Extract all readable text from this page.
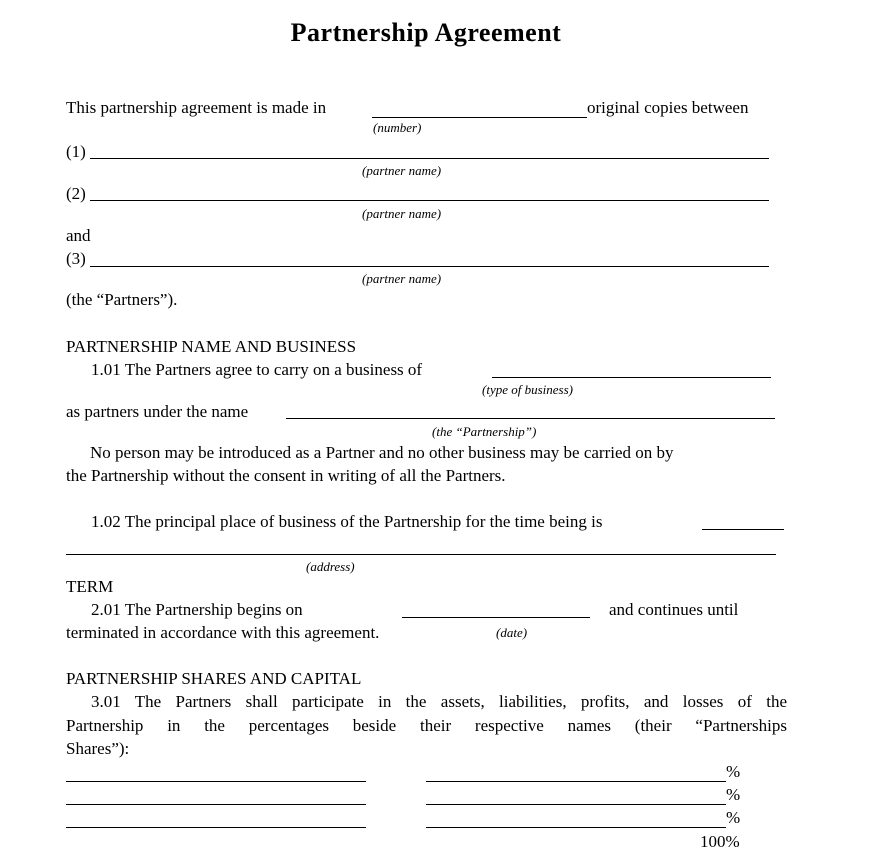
Partnership Agreement
This partnership agreement is made in	original copies between
(number)
(1)
(partner name)
(2)
(partner name)
and
(3)
(partner name)
(the “Partners”).
PARTNERSHIP NAME AND BUSINESS
1.01 The Partners agree to carry on a business of
(type of business)
as partners under the name
(the “Partnership”)
No person may be introduced as a Partner and no other business may be carried on by
the Partnership without the consent in writing of all the Partners.
1.02 The principal place of business of the Partnership for the time being is
(address)
TERM
2.01 The Partnership begins on	and continues until
terminated in accordance with this agreement.	(date)
PARTNERSHIP SHARES AND CAPITAL
3.01 The Partners shall participate in the assets, liabilities, profits, and losses of the
Partnership in the percentages beside their respective names (their “Partnerships
Shares”):
%
%
%
100%
